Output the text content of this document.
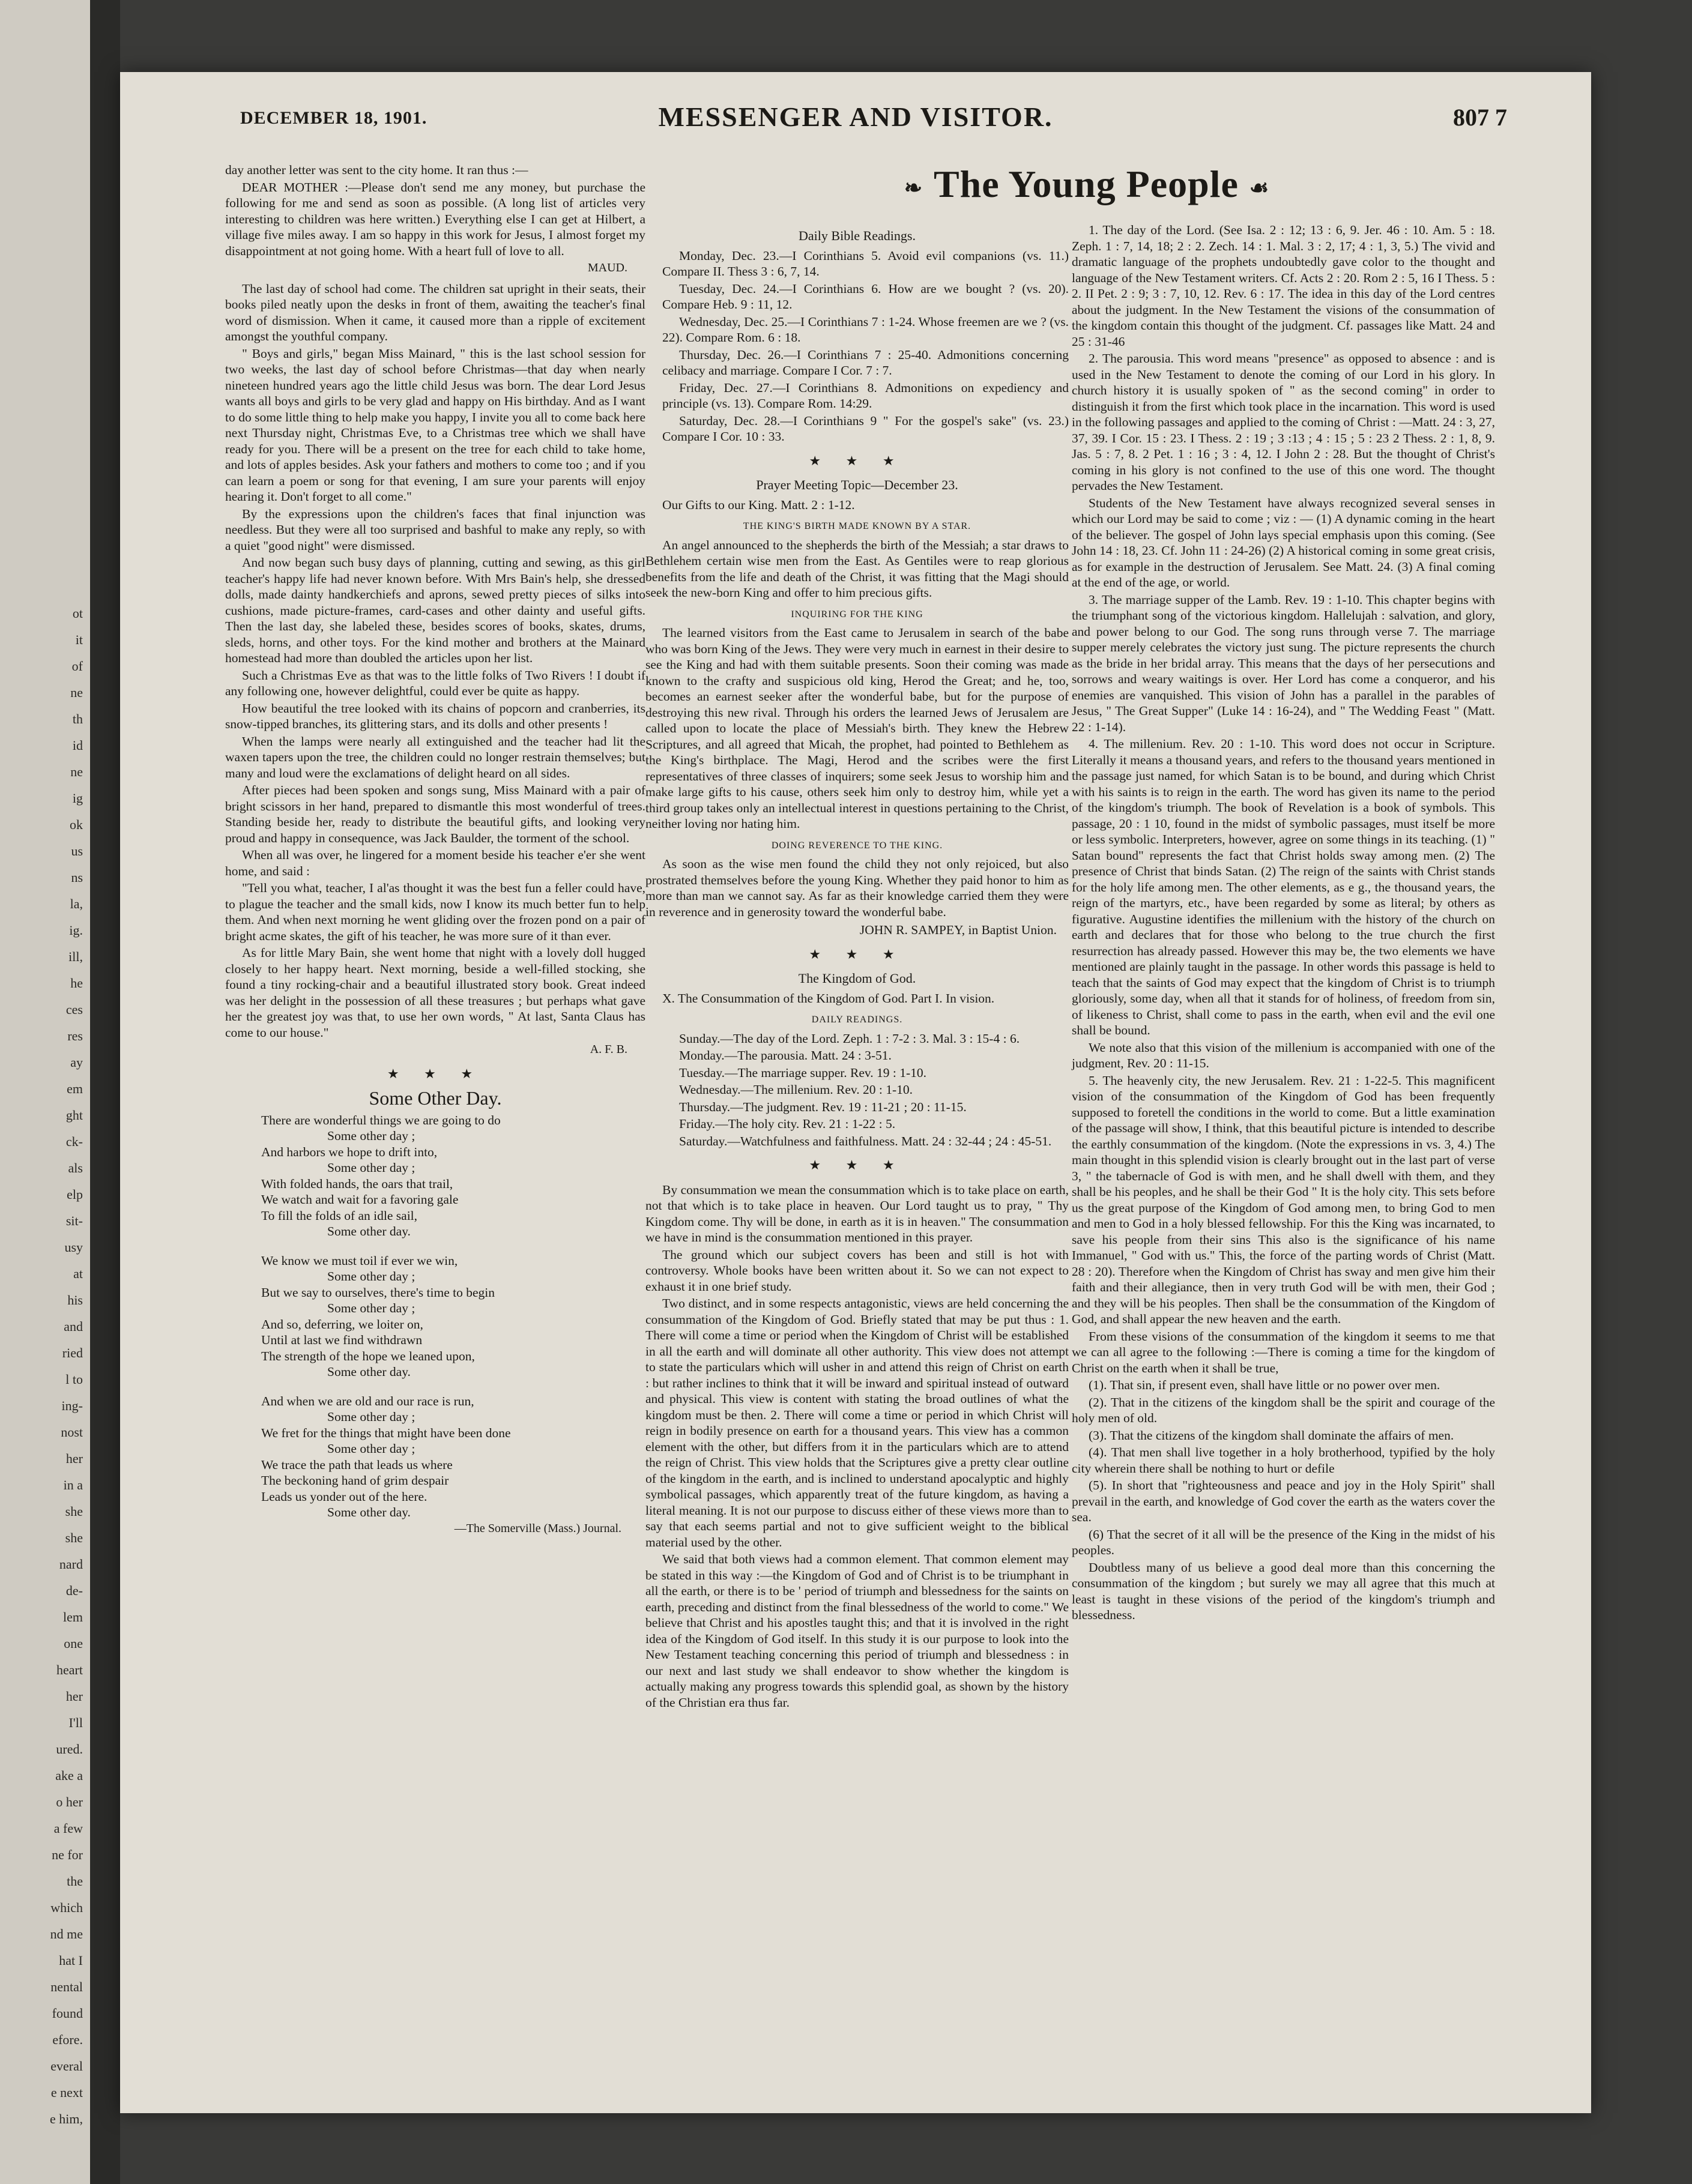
ot
it
of
ne
th
id
ne
ig
ok
us
ns
la,
ig.
ill,
he
ces
res
ay
em
ght
ck-
als
elp
sit-
usy
at
his
and
ried
l to
ing-
nost
her
in a
she
she
nard
de-
lem
one
heart
her
I'll
ured.
ake a
o her
a few
ne for
the
which
nd me
hat I
nental
found
efore.
everal
e next
e him,
DECEMBER 18, 1901.	MESSENGER AND VISITOR.	807 7
❧ The Young People ☙

day another letter was sent to the city home. It ran thus :—

DEAR MOTHER :—Please don't send me any money, but purchase the following for me and send as soon as possible. (A long list of articles very interesting to children was here written.) Everything else I can get at Hilbert, a village five miles away. I am so happy in this work for Jesus, I almost forget my disappointment at not going home. With a heart full of love to all.

MAUD.

The last day of school had come. The children sat upright in their seats, their books piled neatly upon the desks in front of them, awaiting the teacher's final word of dismission. When it came, it caused more than a ripple of excitement amongst the youthful company.

" Boys and girls," began Miss Mainard, " this is the last school session for two weeks, the last day of school before Christmas—that day when nearly nineteen hundred years ago the little child Jesus was born. The dear Lord Jesus wants all boys and girls to be very glad and happy on His birthday. And as I want to do some little thing to help make you happy, I invite you all to come back here next Thursday night, Christmas Eve, to a Christmas tree which we shall have ready for you. There will be a present on the tree for each child to take home, and lots of apples besides. Ask your fathers and mothers to come too ; and if you can learn a poem or song for that evening, I am sure your parents will enjoy hearing it. Don't forget to all come."

By the expressions upon the children's faces that final injunction was needless. But they were all too surprised and bashful to make any reply, so with a quiet "good night" were dismissed.

And now began such busy days of planning, cutting and sewing, as this girl teacher's happy life had never known before. With Mrs Bain's help, she dressed dolls, made dainty handkerchiefs and aprons, sewed pretty pieces of silks into cushions, made picture-frames, card-cases and other dainty and useful gifts. Then the last day, she labeled these, besides scores of books, skates, drums, sleds, horns, and other toys. For the kind mother and brothers at the Mainard homestead had more than doubled the articles upon her list.

Such a Christmas Eve as that was to the little folks of Two Rivers ! I doubt if any following one, however delightful, could ever be quite as happy.

How beautiful the tree looked with its chains of popcorn and cranberries, its snow-tipped branches, its glittering stars, and its dolls and other presents !

When the lamps were nearly all extinguished and the teacher had lit the waxen tapers upon the tree, the children could no longer restrain themselves; but many and loud were the exclamations of delight heard on all sides.

After pieces had been spoken and songs sung, Miss Mainard with a pair of bright scissors in her hand, prepared to dismantle this most wonderful of trees. Standing beside her, ready to distribute the beautiful gifts, and looking very proud and happy in consequence, was Jack Baulder, the torment of the school.

When all was over, he lingered for a moment beside his teacher e'er she went home, and said :

"Tell you what, teacher, I al'as thought it was the best fun a feller could have, to plague the teacher and the small kids, now I know its much better fun to help them. And when next morning he went gliding over the frozen pond on a pair of bright acme skates, the gift of his teacher, he was more sure of it than ever.

As for little Mary Bain, she went home that night with a lovely doll hugged closely to her happy heart. Next morning, beside a well-filled stocking, she found a tiny rocking-chair and a beautiful illustrated story book. Great indeed was her delight in the possession of all these treasures ; but perhaps what gave her the greatest joy was that, to use her own words, " At last, Santa Claus has come to our house."

A. F. B.
★ ★ ★
Some Other Day.
There are wonderful things we are going to do
Some other day ;
And harbors we hope to drift into,
Some other day ;
With folded hands, the oars that trail,
We watch and wait for a favoring gale
To fill the folds of an idle sail,
Some other day.
We know we must toil if ever we win,
Some other day ;
But we say to ourselves, there's time to begin
Some other day ;
And so, deferring, we loiter on,
Until at last we find withdrawn
The strength of the hope we leaned upon,
Some other day.
And when we are old and our race is run,
Some other day ;
We fret for the things that might have been done
Some other day ;
We trace the path that leads us where
The beckoning hand of grim despair
Leads us yonder out of the here.
Some other day.
—The Somerville (Mass.) Journal.
Daily Bible Readings.

Monday, Dec. 23.—I Corinthians 5. Avoid evil companions (vs. 11.) Compare II. Thess 3 : 6, 7, 14.

Tuesday, Dec. 24.—I Corinthians 6. How are we bought ? (vs. 20). Compare Heb. 9 : 11, 12.

Wednesday, Dec. 25.—I Corinthians 7 : 1-24. Whose freemen are we ? (vs. 22). Compare Rom. 6 : 18.

Thursday, Dec. 26.—I Corinthians 7 : 25-40. Admonitions concerning celibacy and marriage. Compare I Cor. 7 : 7.

Friday, Dec. 27.—I Corinthians 8. Admonitions on expediency and principle (vs. 13). Compare Rom. 14:29.

Saturday, Dec. 28.—I Corinthians 9 " For the gospel's sake" (vs. 23.) Compare I Cor. 10 : 33.

★ ★ ★
Prayer Meeting Topic—December 23.

Our Gifts to our King. Matt. 2 : 1-12.

THE KING'S BIRTH MADE KNOWN BY A STAR.

An angel announced to the shepherds the birth of the Messiah; a star draws to Bethlehem certain wise men from the East. As Gentiles were to reap glorious benefits from the life and death of the Christ, it was fitting that the Magi should seek the new-born King and offer to him precious gifts.

INQUIRING FOR THE KING

The learned visitors from the East came to Jerusalem in search of the babe who was born King of the Jews. They were very much in earnest in their desire to see the King and had with them suitable presents. Soon their coming was made known to the crafty and suspicious old king, Herod the Great; and he, too, becomes an earnest seeker after the wonderful babe, but for the purpose of destroying this new rival. Through his orders the learned Jews of Jerusalem are called upon to locate the place of Messiah's birth. They knew the Hebrew Scriptures, and all agreed that Micah, the prophet, had pointed to Bethlehem as the King's birthplace. The Magi, Herod and the scribes were the first representatives of three classes of inquirers; some seek Jesus to worship him and make large gifts to his cause, others seek him only to destroy him, while yet a third group takes only an intellectual interest in questions pertaining to the Christ, neither loving nor hating him.

DOING REVERENCE TO THE KING.

As soon as the wise men found the child they not only rejoiced, but also prostrated themselves before the young King. Whether they paid honor to him as more than man we cannot say. As far as their knowledge carried them they were in reverence and in generosity toward the wonderful babe.

JOHN R. SAMPEY, in Baptist Union.
★ ★ ★
The Kingdom of God.

X. The Consummation of the Kingdom of God. Part I. In vision.

DAILY READINGS.

Sunday.—The day of the Lord. Zeph. 1 : 7-2 : 3. Mal. 3 : 15-4 : 6.

Monday.—The parousia. Matt. 24 : 3-51.

Tuesday.—The marriage supper. Rev. 19 : 1-10.

Wednesday.—The millenium. Rev. 20 : 1-10.

Thursday.—The judgment. Rev. 19 : 11-21 ; 20 : 11-15.

Friday.—The holy city. Rev. 21 : 1-22 : 5.

Saturday.—Watchfulness and faithfulness. Matt. 24 : 32-44 ; 24 : 45-51.

★ ★ ★

By consummation we mean the consummation which is to take place on earth, not that which is to take place in heaven. Our Lord taught us to pray, " Thy Kingdom come. Thy will be done, in earth as it is in heaven." The consummation we have in mind is the consummation mentioned in this prayer.

The ground which our subject covers has been and still is hot with controversy. Whole books have been written about it. So we can not expect to exhaust it in one brief study.

Two distinct, and in some respects antagonistic, views are held concerning the consummation of the Kingdom of God. Briefly stated that may be put thus : 1. There will come a time or period when the Kingdom of Christ will be established in all the earth and will dominate all other authority. This view does not attempt to state the particulars which will usher in and attend this reign of Christ on earth : but rather inclines to think that it will be inward and spiritual instead of outward and physical. This view is content with stating the broad outlines of what the kingdom must be then. 2. There will come a time or period in which Christ will reign in bodily presence on earth for a thousand years. This view has a common element with the other, but differs from it in the particulars which are to attend the reign of Christ. This view holds that the Scriptures give a pretty clear outline of the kingdom in the earth, and is inclined to understand apocalyptic and highly symbolical passages, which apparently treat of the future kingdom, as having a literal meaning. It is not our purpose to discuss either of these views more than to say that each seems partial and not to give sufficient weight to the biblical material used by the other.

We said that both views had a common element. That common element may be stated in this way :—the Kingdom of God and of Christ is to be triumphant in all the earth, or there is to be ' period of triumph and blessedness for the saints on earth, preceding and distinct from the final blessedness of the world to come." We believe that Christ and his apostles taught this; and that it is involved in the right idea of the Kingdom of God itself. In this study it is our purpose to look into the New Testament teaching concerning this period of triumph and blessedness : in our next and last study we shall endeavor to show whether the kingdom is actually making any progress towards this splendid goal, as shown by the history of the Christian era thus far.

1. The day of the Lord. (See Isa. 2 : 12; 13 : 6, 9. Jer. 46 : 10. Am. 5 : 18. Zeph. 1 : 7, 14, 18; 2 : 2. Zech. 14 : 1. Mal. 3 : 2, 17; 4 : 1, 3, 5.) The vivid and dramatic language of the prophets undoubtedly gave color to the thought and language of the New Testament writers. Cf. Acts 2 : 20. Rom 2 : 5, 16 I Thess. 5 : 2. II Pet. 2 : 9; 3 : 7, 10, 12. Rev. 6 : 17. The idea in this day of the Lord centres about the judgment. In the New Testament the visions of the consummation of the kingdom contain this thought of the judgment. Cf. passages like Matt. 24 and 25 : 31-46

2. The parousia. This word means "presence" as opposed to absence : and is used in the New Testament to denote the coming of our Lord in his glory. In church history it is usually spoken of " as the second coming" in order to distinguish it from the first which took place in the incarnation. This word is used in the following passages and applied to the coming of Christ : —Matt. 24 : 3, 27, 37, 39. I Cor. 15 : 23. I Thess. 2 : 19 ; 3 :13 ; 4 : 15 ; 5 : 23 2 Thess. 2 : 1, 8, 9. Jas. 5 : 7, 8. 2 Pet. 1 : 16 ; 3 : 4, 12. I John 2 : 28. But the thought of Christ's coming in his glory is not confined to the use of this one word. The thought pervades the New Testament.

Students of the New Testament have always recognized several senses in which our Lord may be said to come ; viz : — (1) A dynamic coming in the heart of the believer. The gospel of John lays special emphasis upon this coming. (See John 14 : 18, 23. Cf. John 11 : 24-26) (2) A historical coming in some great crisis, as for example in the destruction of Jerusalem. See Matt. 24. (3) A final coming at the end of the age, or world.

3. The marriage supper of the Lamb. Rev. 19 : 1-10. This chapter begins with the triumphant song of the victorious kingdom. Hallelujah : salvation, and glory, and power belong to our God. The song runs through verse 7. The marriage supper merely celebrates the victory just sung. The picture represents the church as the bride in her bridal array. This means that the days of her persecutions and sorrows and weary waitings is over. Her Lord has come a conqueror, and his enemies are vanquished. This vision of John has a parallel in the parables of Jesus, " The Great Supper" (Luke 14 : 16-24), and " The Wedding Feast " (Matt. 22 : 1-14).

4. The millenium. Rev. 20 : 1-10. This word does not occur in Scripture. Literally it means a thousand years, and refers to the thousand years mentioned in the passage just named, for which Satan is to be bound, and during which Christ with his saints is to reign in the earth. The word has given its name to the period of the kingdom's triumph. The book of Revelation is a book of symbols. This passage, 20 : 1 10, found in the midst of symbolic passages, must itself be more or less symbolic. Interpreters, however, agree on some things in its teaching. (1) " Satan bound" represents the fact that Christ holds sway among men. (2) The presence of Christ that binds Satan. (2) The reign of the saints with Christ stands for the holy life among men. The other elements, as e g., the thousand years, the reign of the martyrs, etc., have been regarded by some as literal; by others as figurative. Augustine identifies the millenium with the history of the church on earth and declares that for those who belong to the true church the first resurrection has already passed. However this may be, the two elements we have mentioned are plainly taught in the passage. In other words this passage is held to teach that the saints of God may expect that the kingdom of Christ is to triumph gloriously, some day, when all that it stands for of holiness, of freedom from sin, of likeness to Christ, shall come to pass in the earth, when evil and the evil one shall be bound.

We note also that this vision of the millenium is accompanied with one of the judgment, Rev. 20 : 11-15.

5. The heavenly city, the new Jerusalem. Rev. 21 : 1-22-5. This magnificent vision of the consummation of the Kingdom of God has been frequently supposed to foretell the conditions in the world to come. But a little examination of the passage will show, I think, that this beautiful picture is intended to describe the earthly consummation of the kingdom. (Note the expressions in vs. 3, 4.) The main thought in this splendid vision is clearly brought out in the last part of verse 3, " the tabernacle of God is with men, and he shall dwell with them, and they shall be his peoples, and he shall be their God " It is the holy city. This sets before us the great purpose of the Kingdom of God among men, to bring God to men and men to God in a holy blessed fellowship. For this the King was incarnated, to save his people from their sins This also is the significance of his name Immanuel, " God with us." This, the force of the parting words of Christ (Matt. 28 : 20). Therefore when the Kingdom of Christ has sway and men give him their faith and their allegiance, then in very truth God will be with men, their God ; and they will be his peoples. Then shall be the consummation of the Kingdom of God, and shall appear the new heaven and the earth.

From these visions of the consummation of the kingdom it seems to me that we can all agree to the following :—There is coming a time for the kingdom of Christ on the earth when it shall be true,

(1). That sin, if present even, shall have little or no power over men.

(2). That in the citizens of the kingdom shall be the spirit and courage of the holy men of old.

(3). That the citizens of the kingdom shall dominate the affairs of men.

(4). That men shall live together in a holy brotherhood, typified by the holy city wherein there shall be nothing to hurt or defile

(5). In short that "righteousness and peace and joy in the Holy Spirit" shall prevail in the earth, and knowledge of God cover the earth as the waters cover the sea.

(6) That the secret of it all will be the presence of the King in the midst of his peoples.

Doubtless many of us believe a good deal more than this concerning the consummation of the kingdom ; but surely we may all agree that this much at least is taught in these visions of the period of the kingdom's triumph and blessedness.
